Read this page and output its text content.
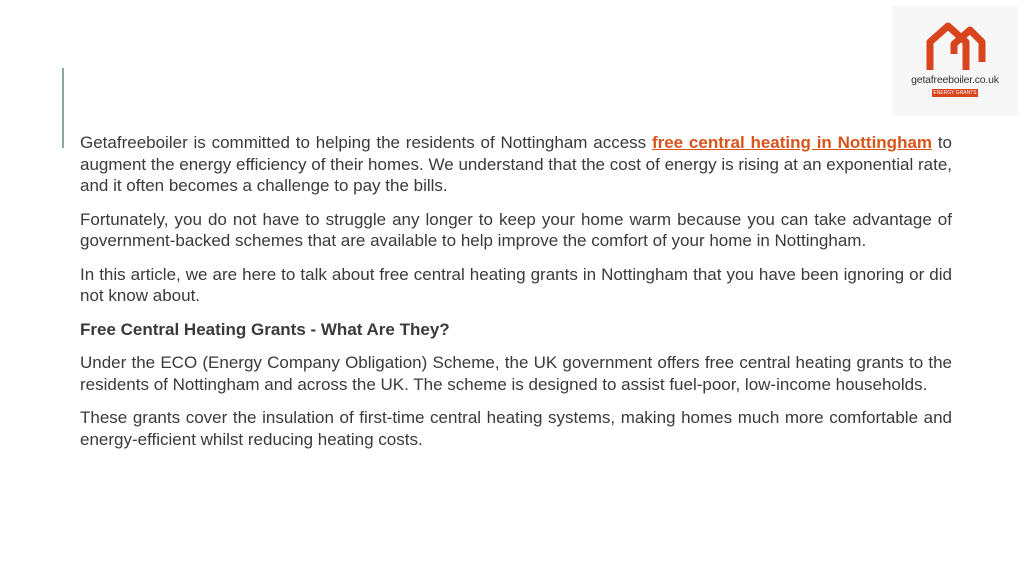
getafreeboiler.co.uk
ENERGY GRANTS

Getafreeboiler is committed to helping the residents of Nottingham access free central heating in Nottingham to augment the energy efficiency of their homes. We understand that the cost of energy is rising at an exponential rate, and it often becomes a challenge to pay the bills.

Fortunately, you do not have to struggle any longer to keep your home warm because you can take advantage of government-backed schemes that are available to help improve the comfort of your home in Nottingham.

In this article, we are here to talk about free central heating grants in Nottingham that you have been ignoring or did not know about.

Free Central Heating Grants - What Are They?

Under the ECO (Energy Company Obligation) Scheme, the UK government offers free central heating grants to the residents of Nottingham and across the UK. The scheme is designed to assist fuel-poor, low-income households.

These grants cover the insulation of first-time central heating systems, making homes much more comfortable and energy-efficient whilst reducing heating costs.
